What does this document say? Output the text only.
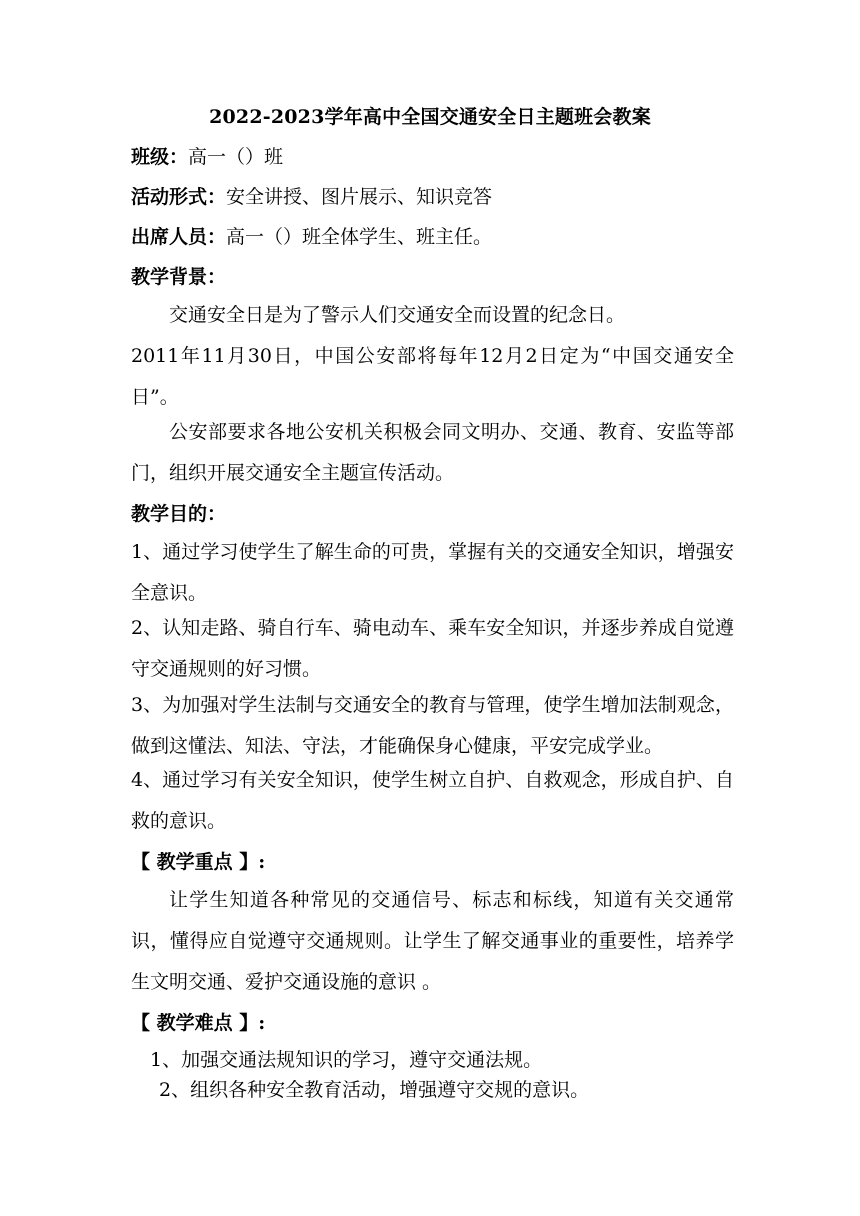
2022-2023学年高中全国交通安全日主题班会教案
班级：高一（）班
活动形式：安全讲授、图片展示、知识竞答
出席人员：高一（）班全体学生、班主任。
教学背景：
交通安全日是为了警示人们交通安全而设置的纪念日。
2011年11月30日，中国公安部将每年12月2日定为“中国交通安全日”。
公安部要求各地公安机关积极会同文明办、交通、教育、安监等部门，组织开展交通安全主题宣传活动。
教学目的：
1、通过学习使学生了解生命的可贵，掌握有关的交通安全知识，增强安全意识。
2、认知走路、骑自行车、骑电动车、乘车安全知识，并逐步养成自觉遵守交通规则的好习惯。
3、为加强对学生法制与交通安全的教育与管理，使学生增加法制观念，做到这懂法、知法、守法，才能确保身心健康，平安完成学业。
4、通过学习有关安全知识，使学生树立自护、自救观念，形成自护、自救的意识。
【 教学重点 】:
让学生知道各种常见的交通信号、标志和标线，知道有关交通常识，懂得应自觉遵守交通规则。让学生了解交通事业的重要性，培养学生文明交通、爱护交通设施的意识 。
【 教学难点 】:
1、加强交通法规知识的学习，遵守交通法规。
2、组织各种安全教育活动，增强遵守交规的意识。
